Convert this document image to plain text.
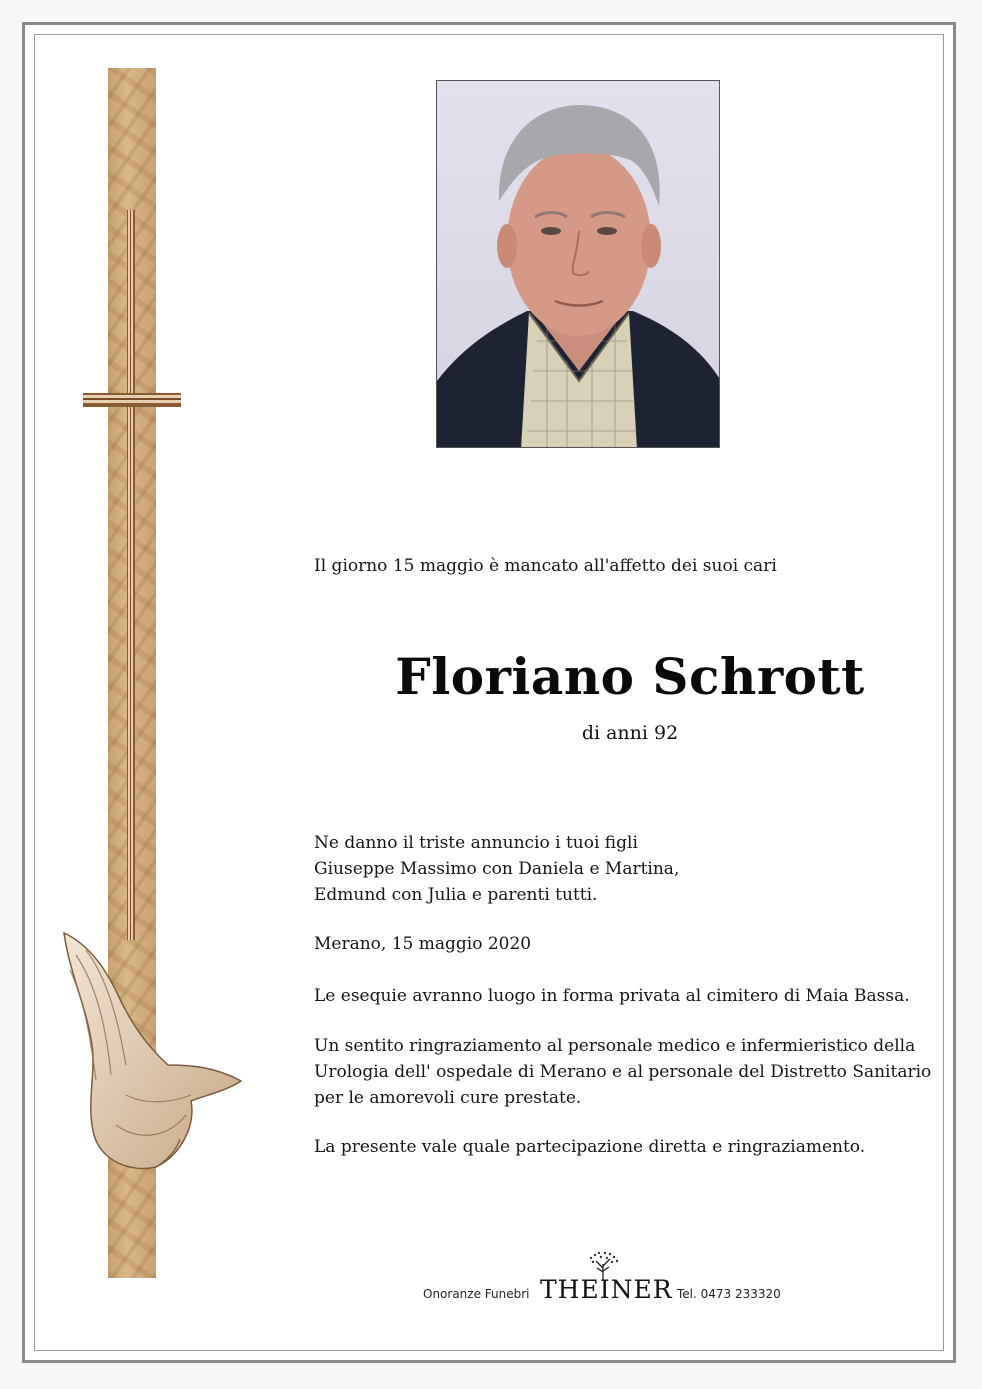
Il giorno 15 maggio è mancato all'affetto dei suoi cari

Floriano Schrott

di anni 92

Ne danno il triste annuncio i tuoi figli

Giuseppe Massimo con Daniela e Martina,

Edmund con Julia e parenti tutti.

Merano, 15 maggio 2020

Le esequie avranno luogo in forma privata al cimitero di Maia Bassa.

Un sentito ringraziamento al personale medico e infermieristico della

Urologia dell' ospedale di Merano e al personale del Distretto Sanitario

per le amorevoli cure prestate.

La presente vale quale partecipazione diretta e ringraziamento.

Onoranze Funebri THEINER Tel. 0473 233320
